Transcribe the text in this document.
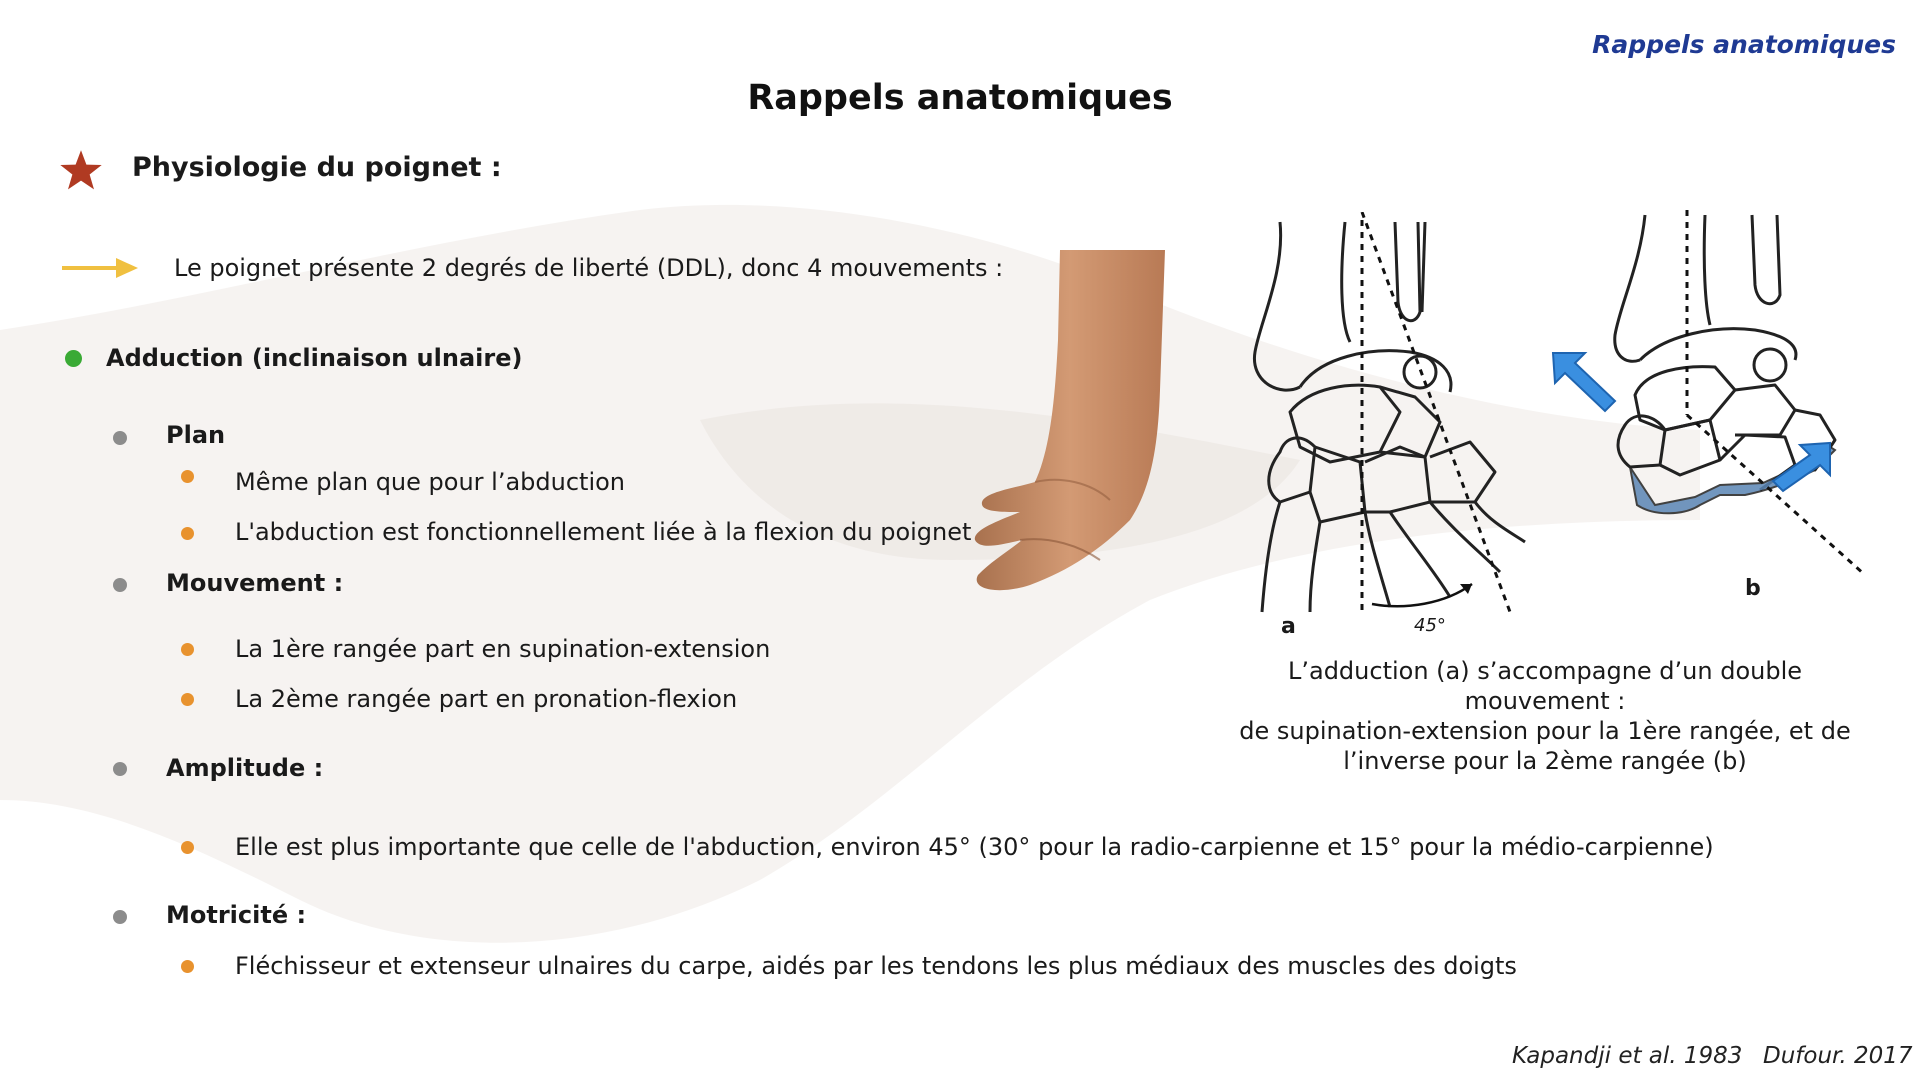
Rappels anatomiques
Rappels anatomiques
Physiologie du poignet :
Le poignet présente 2 degrés de liberté (DDL), donc 4 mouvements :
Adduction (inclinaison ulnaire)
Plan
Même plan que pour l’abduction
L'abduction est fonctionnellement liée à la flexion du poignet
Mouvement :
La 1ère rangée part en supination-extension
La 2ème rangée part en pronation-flexion
Amplitude :
Elle est plus importante que celle de l'abduction, environ 45° (30° pour la radio-carpienne et 15° pour la médio-carpienne)
Motricité :
Fléchisseur et extenseur ulnaires du carpe, aidés par les tendons les plus médiaux des muscles des doigts
a	45°
b
L’adduction (a) s’accompagne d’un double mouvement :
de supination-extension pour la 1ère rangée, et de
l’inverse pour la 2ème rangée (b)
Kapandji et al. 1983 Dufour. 2017
